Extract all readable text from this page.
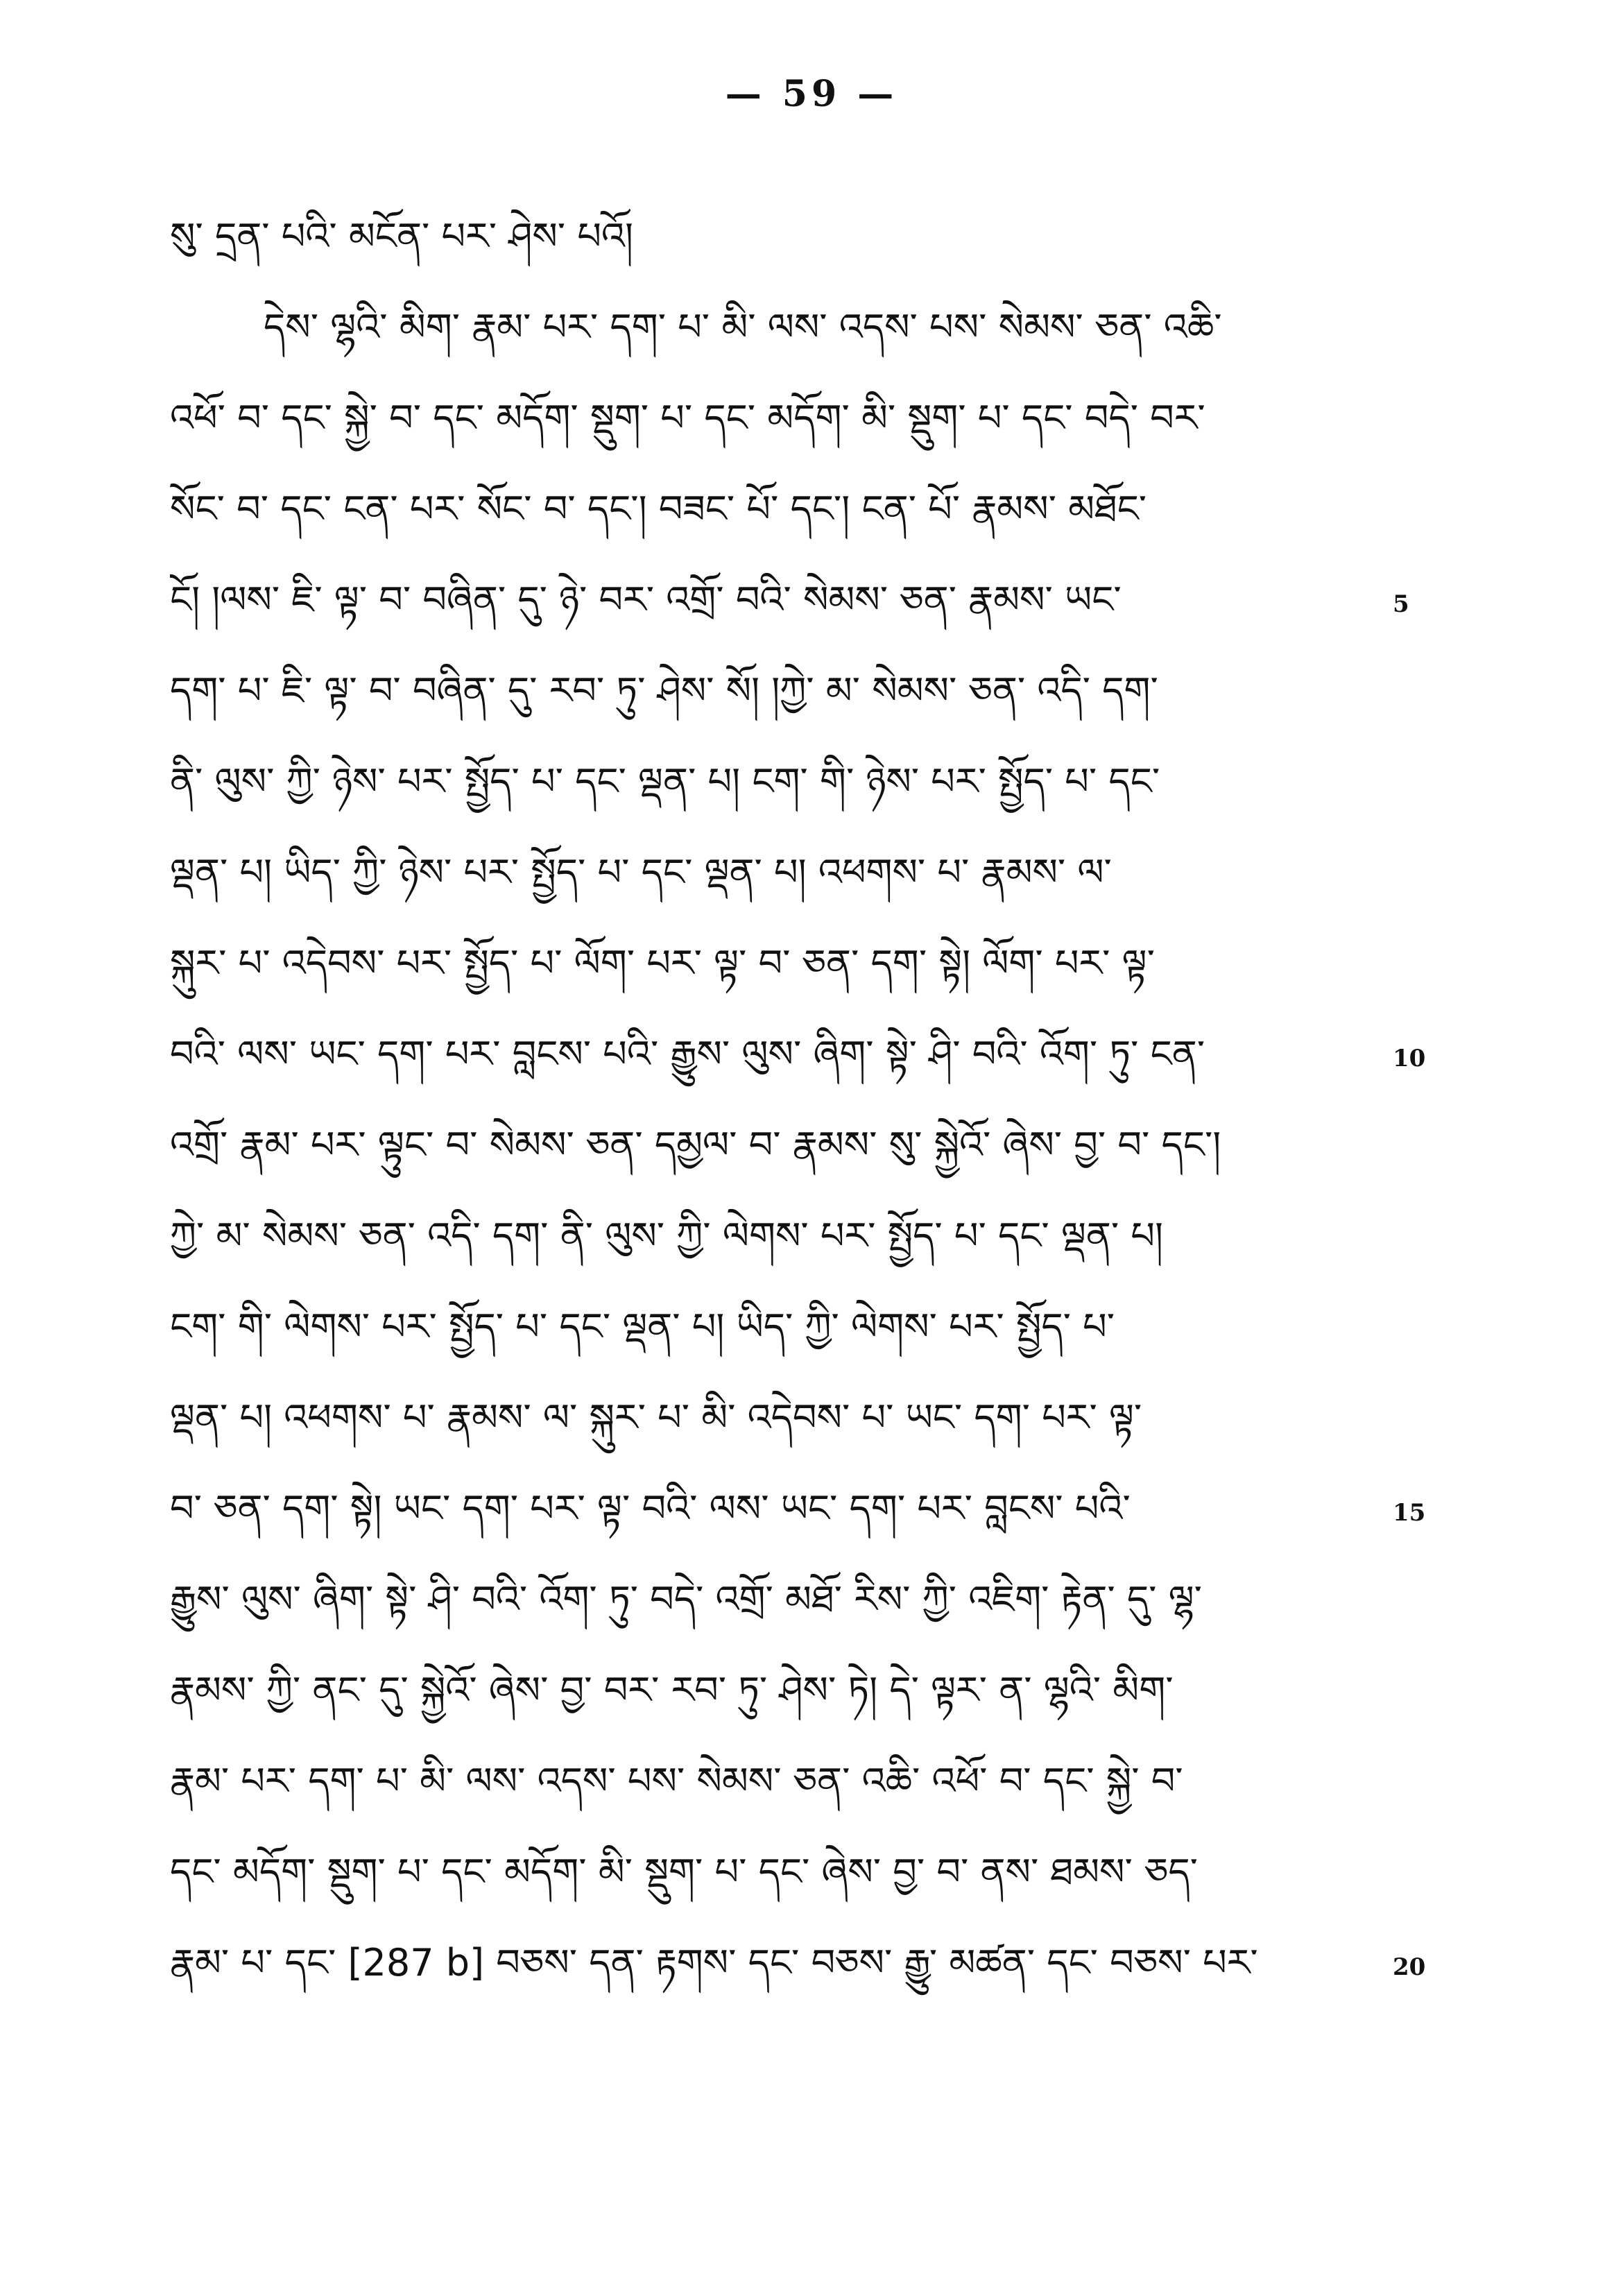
— 59 —
སུ་ དྲན་ པའི་ མངོན་ པར་ ཤེས་ པའོ།
དེས་ ལྷའི་ མིག་ རྣམ་ པར་ དག་ པ་ མི་ ལས་ འདས་ པས་ སེམས་ ཅན་ འཆི་
འཕོ་ བ་ དང་ སྐྱེ་ བ་ དང་ མདོག་ སྡུག་ པ་ དང་ མདོག་ མི་ སྡུག་ པ་ དང་ བདེ་ བར་
སོང་ བ་ དང་ ངན་ པར་ སོང་ བ་ དང་། བཟང་ པོ་ དང་། ངན་ པོ་ རྣམས་ མཐོང་
ངོ། །ལས་ ཇི་ ལྟ་ བ་ བཞིན་ དུ་ ཉེ་ བར་ འགྲོ་ བའི་ སེམས་ ཅན་ རྣམས་ ཡང་
དག་ པ་ ཇི་ ལྟ་ བ་ བཞིན་ དུ་ རབ་ ཏུ་ ཤེས་ སོ། །ཀྱེ་ མ་ སེམས་ ཅན་ འདི་ དག་
ནི་ ལུས་ ཀྱི་ ཉེས་ པར་ སྤྱོད་ པ་ དང་ ལྡན་ པ། ངག་ གི་ ཉེས་ པར་ སྤྱོད་ པ་ དང་
ལྡན་ པ། ཡིད་ ཀྱི་ ཉེས་ པར་ སྤྱོད་ པ་ དང་ ལྡན་ པ། འཕགས་ པ་ རྣམས་ ལ་
སྐུར་ པ་ འདེབས་ པར་ སྤྱོད་ པ་ ལོག་ པར་ ལྟ་ བ་ ཅན་ དག་ སྟེ། ལོག་ པར་ ལྟ་
བའི་ ལས་ ཡང་ དག་ པར་ བླངས་ པའི་ རྒྱུས་ ལུས་ ཞིག་ སྟེ་ ཤི་ བའི་ འོག་ ཏུ་ ངན་
འགྲོ་ རྣམ་ པར་ ལྟུང་ བ་ སེམས་ ཅན་ དམྱལ་ བ་ རྣམས་ སུ་ སྐྱེའོ་ ཞེས་ བྱ་ བ་ དང་།
ཀྱེ་ མ་ སེམས་ ཅན་ འདི་ དག་ ནི་ ལུས་ ཀྱི་ ལེགས་ པར་ སྤྱོད་ པ་ དང་ ལྡན་ པ།
ངག་ གི་ ལེགས་ པར་ སྤྱོད་ པ་ དང་ ལྡན་ པ། ཡིད་ ཀྱི་ ལེགས་ པར་ སྤྱོད་ པ་
ལྡན་ པ། འཕགས་ པ་ རྣམས་ ལ་ སྐུར་ པ་ མི་ འདེབས་ པ་ ཡང་ དག་ པར་ ལྟ་
བ་ ཅན་ དག་ སྟེ། ཡང་ དག་ པར་ ལྟ་ བའི་ ལས་ ཡང་ དག་ པར་ བླངས་ པའི་
རྒྱུས་ ལུས་ ཞིག་ སྟེ་ ཤི་ བའི་ འོག་ ཏུ་ བདེ་ འགྲོ་ མཐོ་ རིས་ ཀྱི་ འཇིག་ རྟེན་ དུ་ ལྷ་
རྣམས་ ཀྱི་ ནང་ དུ་ སྐྱེའོ་ ཞེས་ བྱ་ བར་ རབ་ ཏུ་ ཤེས་ ཏེ། དེ་ ལྟར་ ན་ ལྷའི་ མིག་
རྣམ་ པར་ དག་ པ་ མི་ ལས་ འདས་ པས་ སེམས་ ཅན་ འཆི་ འཕོ་ བ་ དང་ སྐྱེ་ བ་
དང་ མདོག་ སྡུག་ པ་ དང་ མདོག་ མི་ སྡུག་ པ་ དང་ ཞེས་ བྱ་ བ་ ནས་ ཐམས་ ཅད་
རྣམ་ པ་ དང་ [287 b] བཅས་ དན་ རྟགས་ དང་ བཅས་ རྒྱུ་ མཚན་ དང་ བཅས་ པར་
5
10
15
20
